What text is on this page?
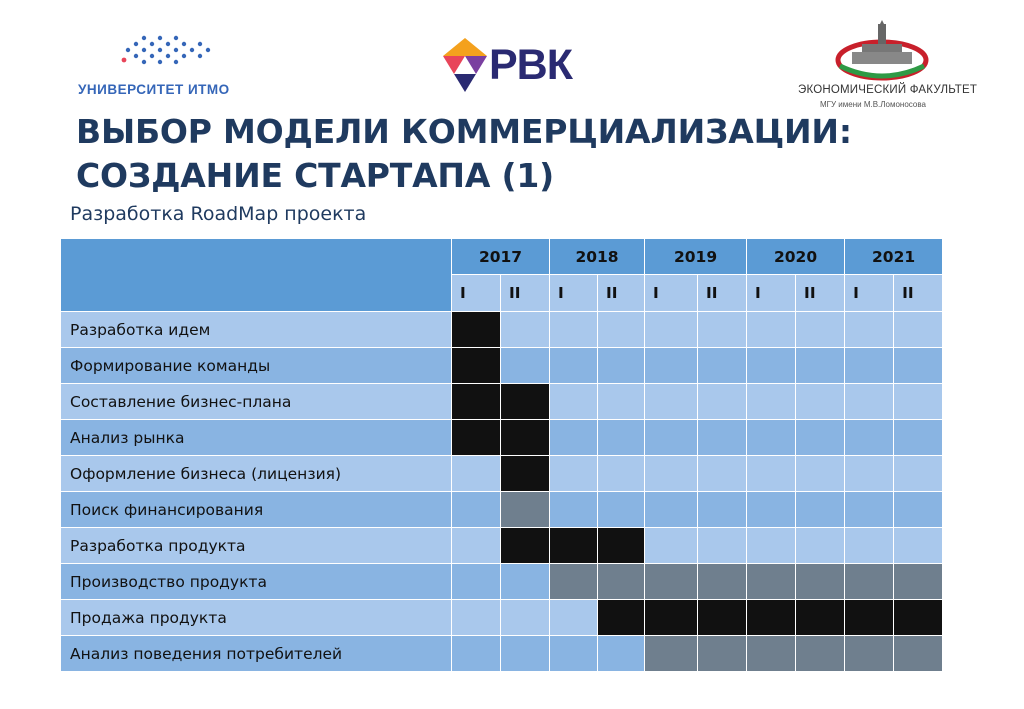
УНИВЕРСИТЕТ ИТМО
РВК
ЭКОНОМИЧЕСКИЙ ФАКУЛЬТЕТ
МГУ имени М.В.Ломоносова
ВЫБОР МОДЕЛИ КОММЕРЦИАЛИЗАЦИИ:
СОЗДАНИЕ СТАРТАПА (1)
Разработка RoadMap проекта
	2017		2018		2019		2020		2021	
	I	II	I	II	I	II	I	II	I	II
Разработка идем										
Формирование команды										
Составление бизнес-плана										
Анализ рынка										
Оформление бизнеса (лицензия)										
Поиск финансирования										
Разработка продукта										
Производство продукта										
Продажа продукта										
Анализ поведения потребителей										
